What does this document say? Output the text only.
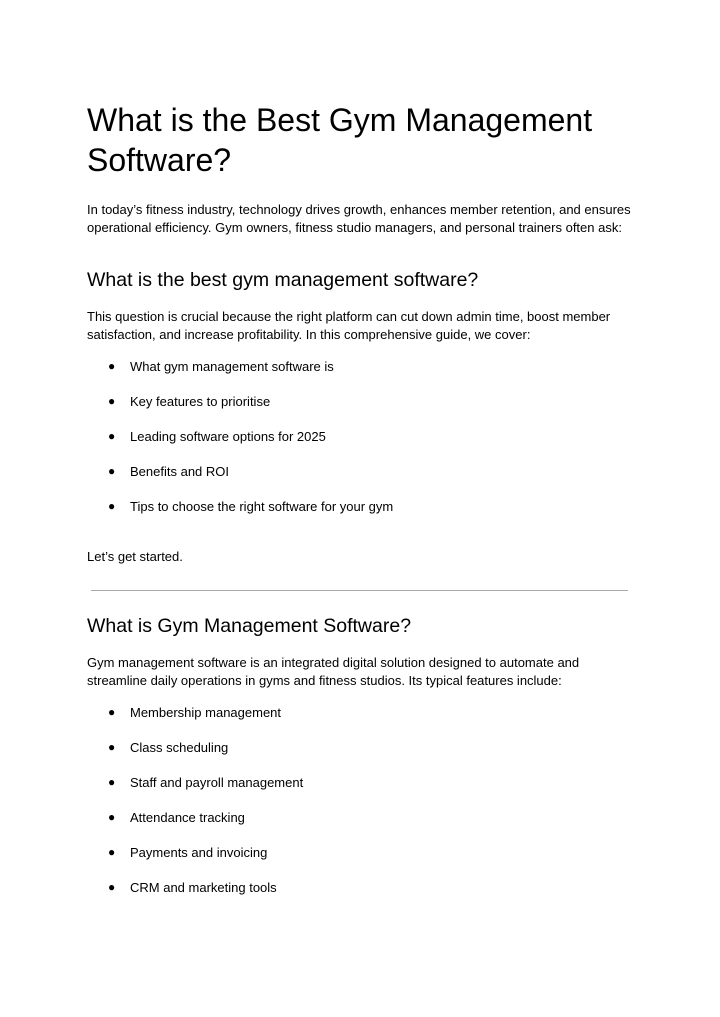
What is the Best Gym Management Software?

In today’s fitness industry, technology drives growth, enhances member retention, and ensures operational efficiency. Gym owners, fitness studio managers, and personal trainers often ask:

What is the best gym management software?

This question is crucial because the right platform can cut down admin time, boost member satisfaction, and increase profitability. In this comprehensive guide, we cover:

● What gym management software is
● Key features to prioritise
● Leading software options for 2025
● Benefits and ROI
● Tips to choose the right software for your gym

Let’s get started.

What is Gym Management Software?

Gym management software is an integrated digital solution designed to automate and streamline daily operations in gyms and fitness studios. Its typical features include:

● Membership management
● Class scheduling
● Staff and payroll management
● Attendance tracking
● Payments and invoicing
● CRM and marketing tools
